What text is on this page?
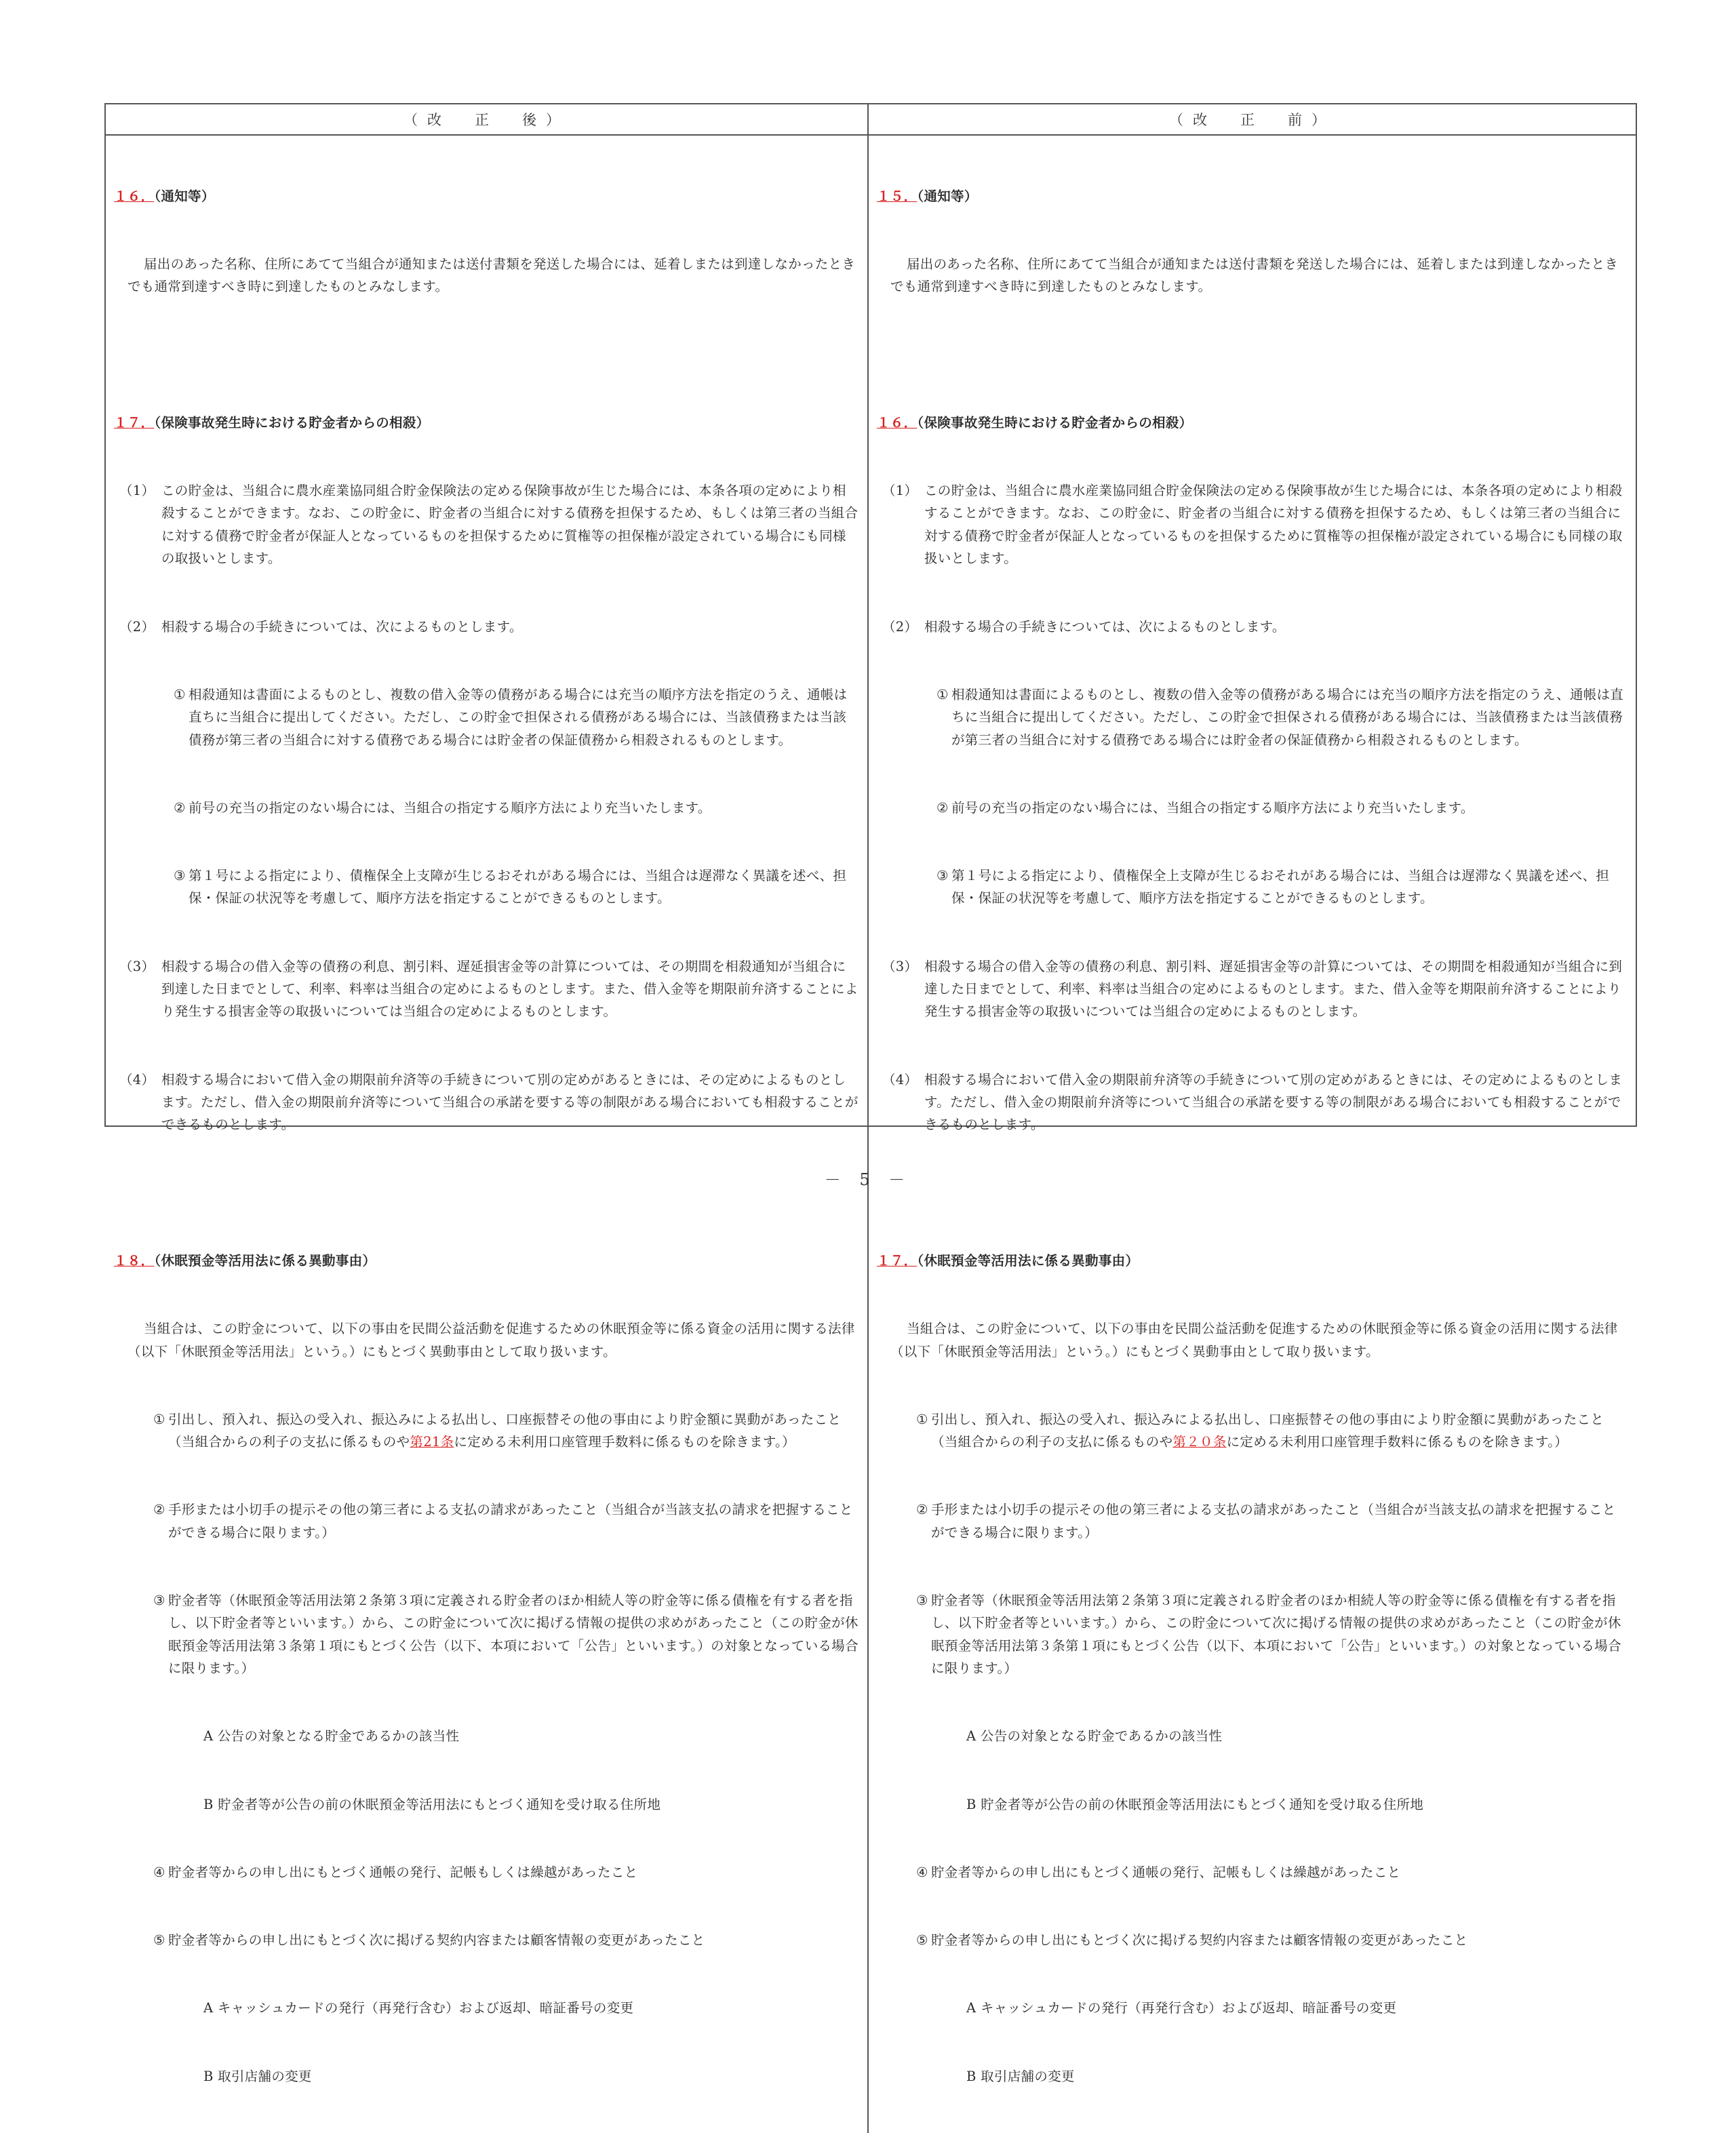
（改　正　後）	（改　正　前）

１６．（通知等）

届出のあった名称、住所にあてて当組合が通知または送付書類を発送した場合には、延着しまたは到達しなかったときでも通常到達すべき時に到達したものとみなします。

１７．（保険事故発生時における貯金者からの相殺）

（1） この貯金は、当組合に農水産業協同組合貯金保険法の定める保険事故が生じた場合には、本条各項の定めにより相殺することができます。なお、この貯金に、貯金者の当組合に対する債務を担保するため、もしくは第三者の当組合に対する債務で貯金者が保証人となっているものを担保するために質権等の担保権が設定されている場合にも同様の取扱いとします。

（2） 相殺する場合の手続きについては、次によるものとします。

① 相殺通知は書面によるものとし、複数の借入金等の債務がある場合には充当の順序方法を指定のうえ、通帳は直ちに当組合に提出してください。ただし、この貯金で担保される債務がある場合には、当該債務または当該債務が第三者の当組合に対する債務である場合には貯金者の保証債務から相殺されるものとします。

② 前号の充当の指定のない場合には、当組合の指定する順序方法により充当いたします。

③ 第１号による指定により、債権保全上支障が生じるおそれがある場合には、当組合は遅滞なく異議を述べ、担保・保証の状況等を考慮して、順序方法を指定することができるものとします。

（3） 相殺する場合の借入金等の債務の利息、割引料、遅延損害金等の計算については、その期間を相殺通知が当組合に到達した日までとして、利率、料率は当組合の定めによるものとします。また、借入金等を期限前弁済することにより発生する損害金等の取扱いについては当組合の定めによるものとします。

（4） 相殺する場合において借入金の期限前弁済等の手続きについて別の定めがあるときには、その定めによるものとします。ただし、借入金の期限前弁済等について当組合の承諾を要する等の制限がある場合においても相殺することができるものとします。

１８．（休眠預金等活用法に係る異動事由）

当組合は、この貯金について、以下の事由を民間公益活動を促進するための休眠預金等に係る資金の活用に関する法律（以下「休眠預金等活用法」という。）にもとづく異動事由として取り扱います。

① 引出し、預入れ、振込の受入れ、振込みによる払出し、口座振替その他の事由により貯金額に異動があったこと（当組合からの利子の支払に係るものや第21条に定める未利用口座管理手数料に係るものを除きます。）

② 手形または小切手の提示その他の第三者による支払の請求があったこと（当組合が当該支払の請求を把握することができる場合に限ります。）

③ 貯金者等（休眠預金等活用法第２条第３項に定義される貯金者のほか相続人等の貯金等に係る債権を有する者を指し、以下貯金者等といいます。）から、この貯金について次に掲げる情報の提供の求めがあったこと（この貯金が休眠預金等活用法第３条第１項にもとづく公告（以下、本項において「公告」といいます。）の対象となっている場合に限ります。）

A 公告の対象となる貯金であるかの該当性

B 貯金者等が公告の前の休眠預金等活用法にもとづく通知を受け取る住所地

④ 貯金者等からの申し出にもとづく通帳の発行、記帳もしくは繰越があったこと

⑤ 貯金者等からの申し出にもとづく次に掲げる契約内容または顧客情報の変更があったこと

A キャッシュカードの発行（再発行含む）および返却、暗証番号の変更

B 取引店舗の変更

１５．（通知等）

届出のあった名称、住所にあてて当組合が通知または送付書類を発送した場合には、延着しまたは到達しなかったときでも通常到達すべき時に到達したものとみなします。

１６．（保険事故発生時における貯金者からの相殺）

（1） この貯金は、当組合に農水産業協同組合貯金保険法の定める保険事故が生じた場合には、本条各項の定めにより相殺することができます。なお、この貯金に、貯金者の当組合に対する債務を担保するため、もしくは第三者の当組合に対する債務で貯金者が保証人となっているものを担保するために質権等の担保権が設定されている場合にも同様の取扱いとします。

（2） 相殺する場合の手続きについては、次によるものとします。

① 相殺通知は書面によるものとし、複数の借入金等の債務がある場合には充当の順序方法を指定のうえ、通帳は直ちに当組合に提出してください。ただし、この貯金で担保される債務がある場合には、当該債務または当該債務が第三者の当組合に対する債務である場合には貯金者の保証債務から相殺されるものとします。

② 前号の充当の指定のない場合には、当組合の指定する順序方法により充当いたします。

③ 第１号による指定により、債権保全上支障が生じるおそれがある場合には、当組合は遅滞なく異議を述べ、担保・保証の状況等を考慮して、順序方法を指定することができるものとします。

（3） 相殺する場合の借入金等の債務の利息、割引料、遅延損害金等の計算については、その期間を相殺通知が当組合に到達した日までとして、利率、料率は当組合の定めによるものとします。また、借入金等を期限前弁済することにより発生する損害金等の取扱いについては当組合の定めによるものとします。

（4） 相殺する場合において借入金の期限前弁済等の手続きについて別の定めがあるときには、その定めによるものとします。ただし、借入金の期限前弁済等について当組合の承諾を要する等の制限がある場合においても相殺することができるものとします。

１７．（休眠預金等活用法に係る異動事由）

当組合は、この貯金について、以下の事由を民間公益活動を促進するための休眠預金等に係る資金の活用に関する法律（以下「休眠預金等活用法」という。）にもとづく異動事由として取り扱います。

① 引出し、預入れ、振込の受入れ、振込みによる払出し、口座振替その他の事由により貯金額に異動があったこと（当組合からの利子の支払に係るものや第２０条に定める未利用口座管理手数料に係るものを除きます。）

② 手形または小切手の提示その他の第三者による支払の請求があったこと（当組合が当該支払の請求を把握することができる場合に限ります。）

③ 貯金者等（休眠預金等活用法第２条第３項に定義される貯金者のほか相続人等の貯金等に係る債権を有する者を指し、以下貯金者等といいます。）から、この貯金について次に掲げる情報の提供の求めがあったこと（この貯金が休眠預金等活用法第３条第１項にもとづく公告（以下、本項において「公告」といいます。）の対象となっている場合に限ります。）

A 公告の対象となる貯金であるかの該当性

B 貯金者等が公告の前の休眠預金等活用法にもとづく通知を受け取る住所地

④ 貯金者等からの申し出にもとづく通帳の発行、記帳もしくは繰越があったこと

⑤ 貯金者等からの申し出にもとづく次に掲げる契約内容または顧客情報の変更があったこと

A キャッシュカードの発行（再発行含む）および返却、暗証番号の変更

B 取引店舗の変更

－ 5 －
